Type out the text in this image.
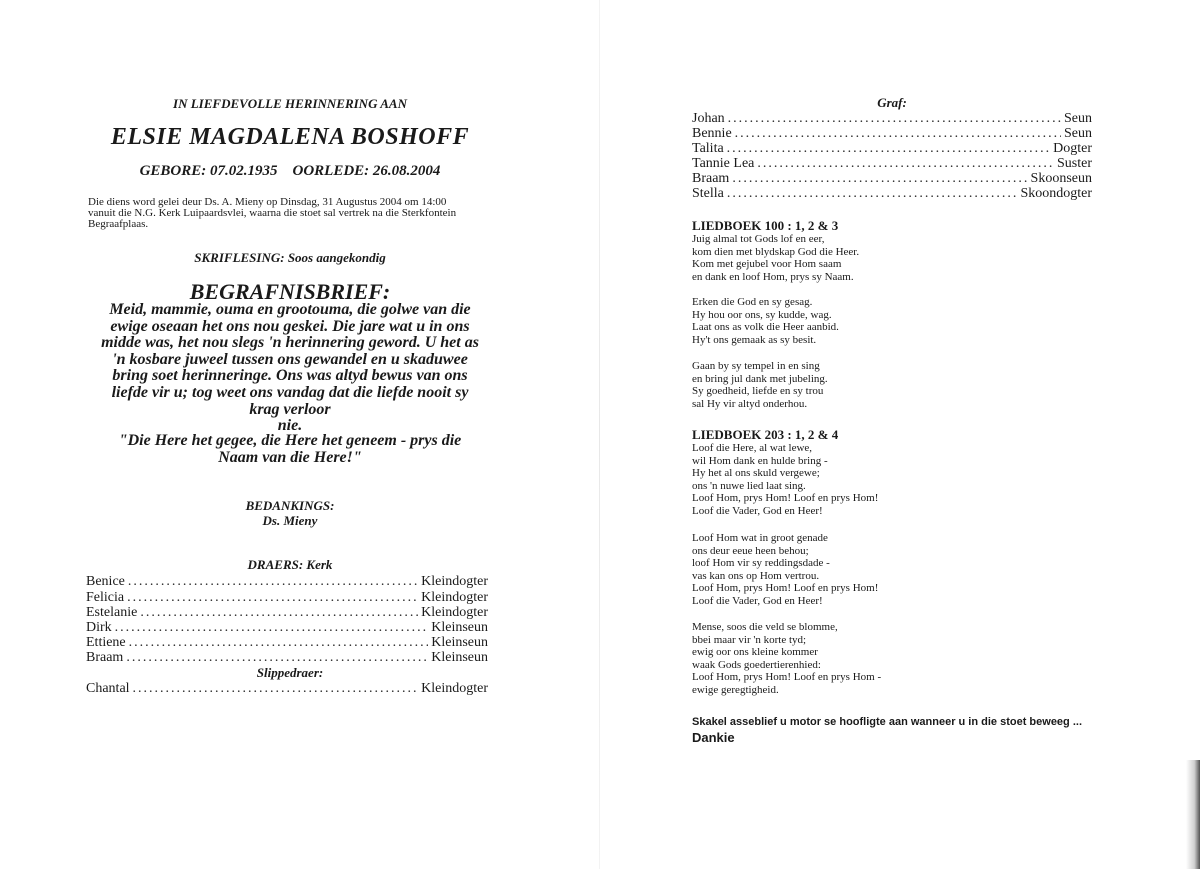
IN LIEFDEVOLLE HERINNERING AAN

ELSIE MAGDALENA BOSHOFF

GEBORE: 07.02.1935 OORLEDE: 26.08.2004

Die diens word gelei deur Ds. A. Mieny op Dinsdag, 31 Augustus 2004 om 14:00
vanuit die N.G. Kerk Luipaardsvlei, waarna die stoet sal vertrek na die Sterkfontein
Begraafplaas.

SKRIFLESING: Soos aangekondig

BEGRAFNISBRIEF:

Meid, mammie, ouma en grootouma, die golwe van die
ewige oseaan het ons nou geskei. Die jare wat u in ons
midde was, het nou slegs 'n herinnering geword. U het as
'n kosbare juweel tussen ons gewandel en u skaduwee
bring soet herinneringe. Ons was altyd bewus van ons
liefde vir u; tog weet ons vandag dat die liefde nooit sy
krag verloor
nie.
"Die Here het gegee, die Here het geneem - prys die
Naam van die Here!"

BEDANKINGS:

Ds. Mieny

DRAERS: Kerk

Benice .....	Kleindogter
Felicia .....	Kleindogter
Estelanie .....	Kleindogter
Dirk .....	Kleinseun
Ettiene .....	Kleinseun
Braam .....	Kleinseun

Slippedraer:

Chantal .....	Kleindogter

Graf:

Johan .....	Seun
Bennie .....	Seun
Talita .....	Dogter
Tannie Lea .....	Suster
Braam .....	Skoonseun
Stella .....	Skoondogter
LIEDBOEK 100 : 1, 2 & 3
Juig almal tot Gods lof en eer,
kom dien met blydskap God die Heer.
Kom met gejubel voor Hom saam
en dank en loof Hom, prys sy Naam.
Erken die God en sy gesag.
Hy hou oor ons, sy kudde, wag.
Laat ons as volk die Heer aanbid.
Hy't ons gemaak as sy besit.
Gaan by sy tempel in en sing
en bring jul dank met jubeling.
Sy goedheid, liefde en sy trou
sal Hy vir altyd onderhou.
LIEDBOEK 203 : 1, 2 & 4
Loof die Here, al wat lewe,
wil Hom dank en hulde bring -
Hy het al ons skuld vergewe;
ons 'n nuwe lied laat sing.
Loof Hom, prys Hom! Loof en prys Hom!
Loof die Vader, God en Heer!
Loof Hom wat in groot genade
ons deur eeue heen behou;
loof Hom vir sy reddingsdade -
vas kan ons op Hom vertrou.
Loof Hom, prys Hom! Loof en prys Hom!
Loof die Vader, God en Heer!
Mense, soos die veld se blomme,
bbei maar vir 'n korte tyd;
ewig oor ons kleine kommer
waak Gods goedertierenhied:
Loof Hom, prys Hom! Loof en prys Hom -
ewige geregtigheid.
Skakel asseblief u motor se hoofligte aan wanneer u in die stoet beweeg ...
Dankie
